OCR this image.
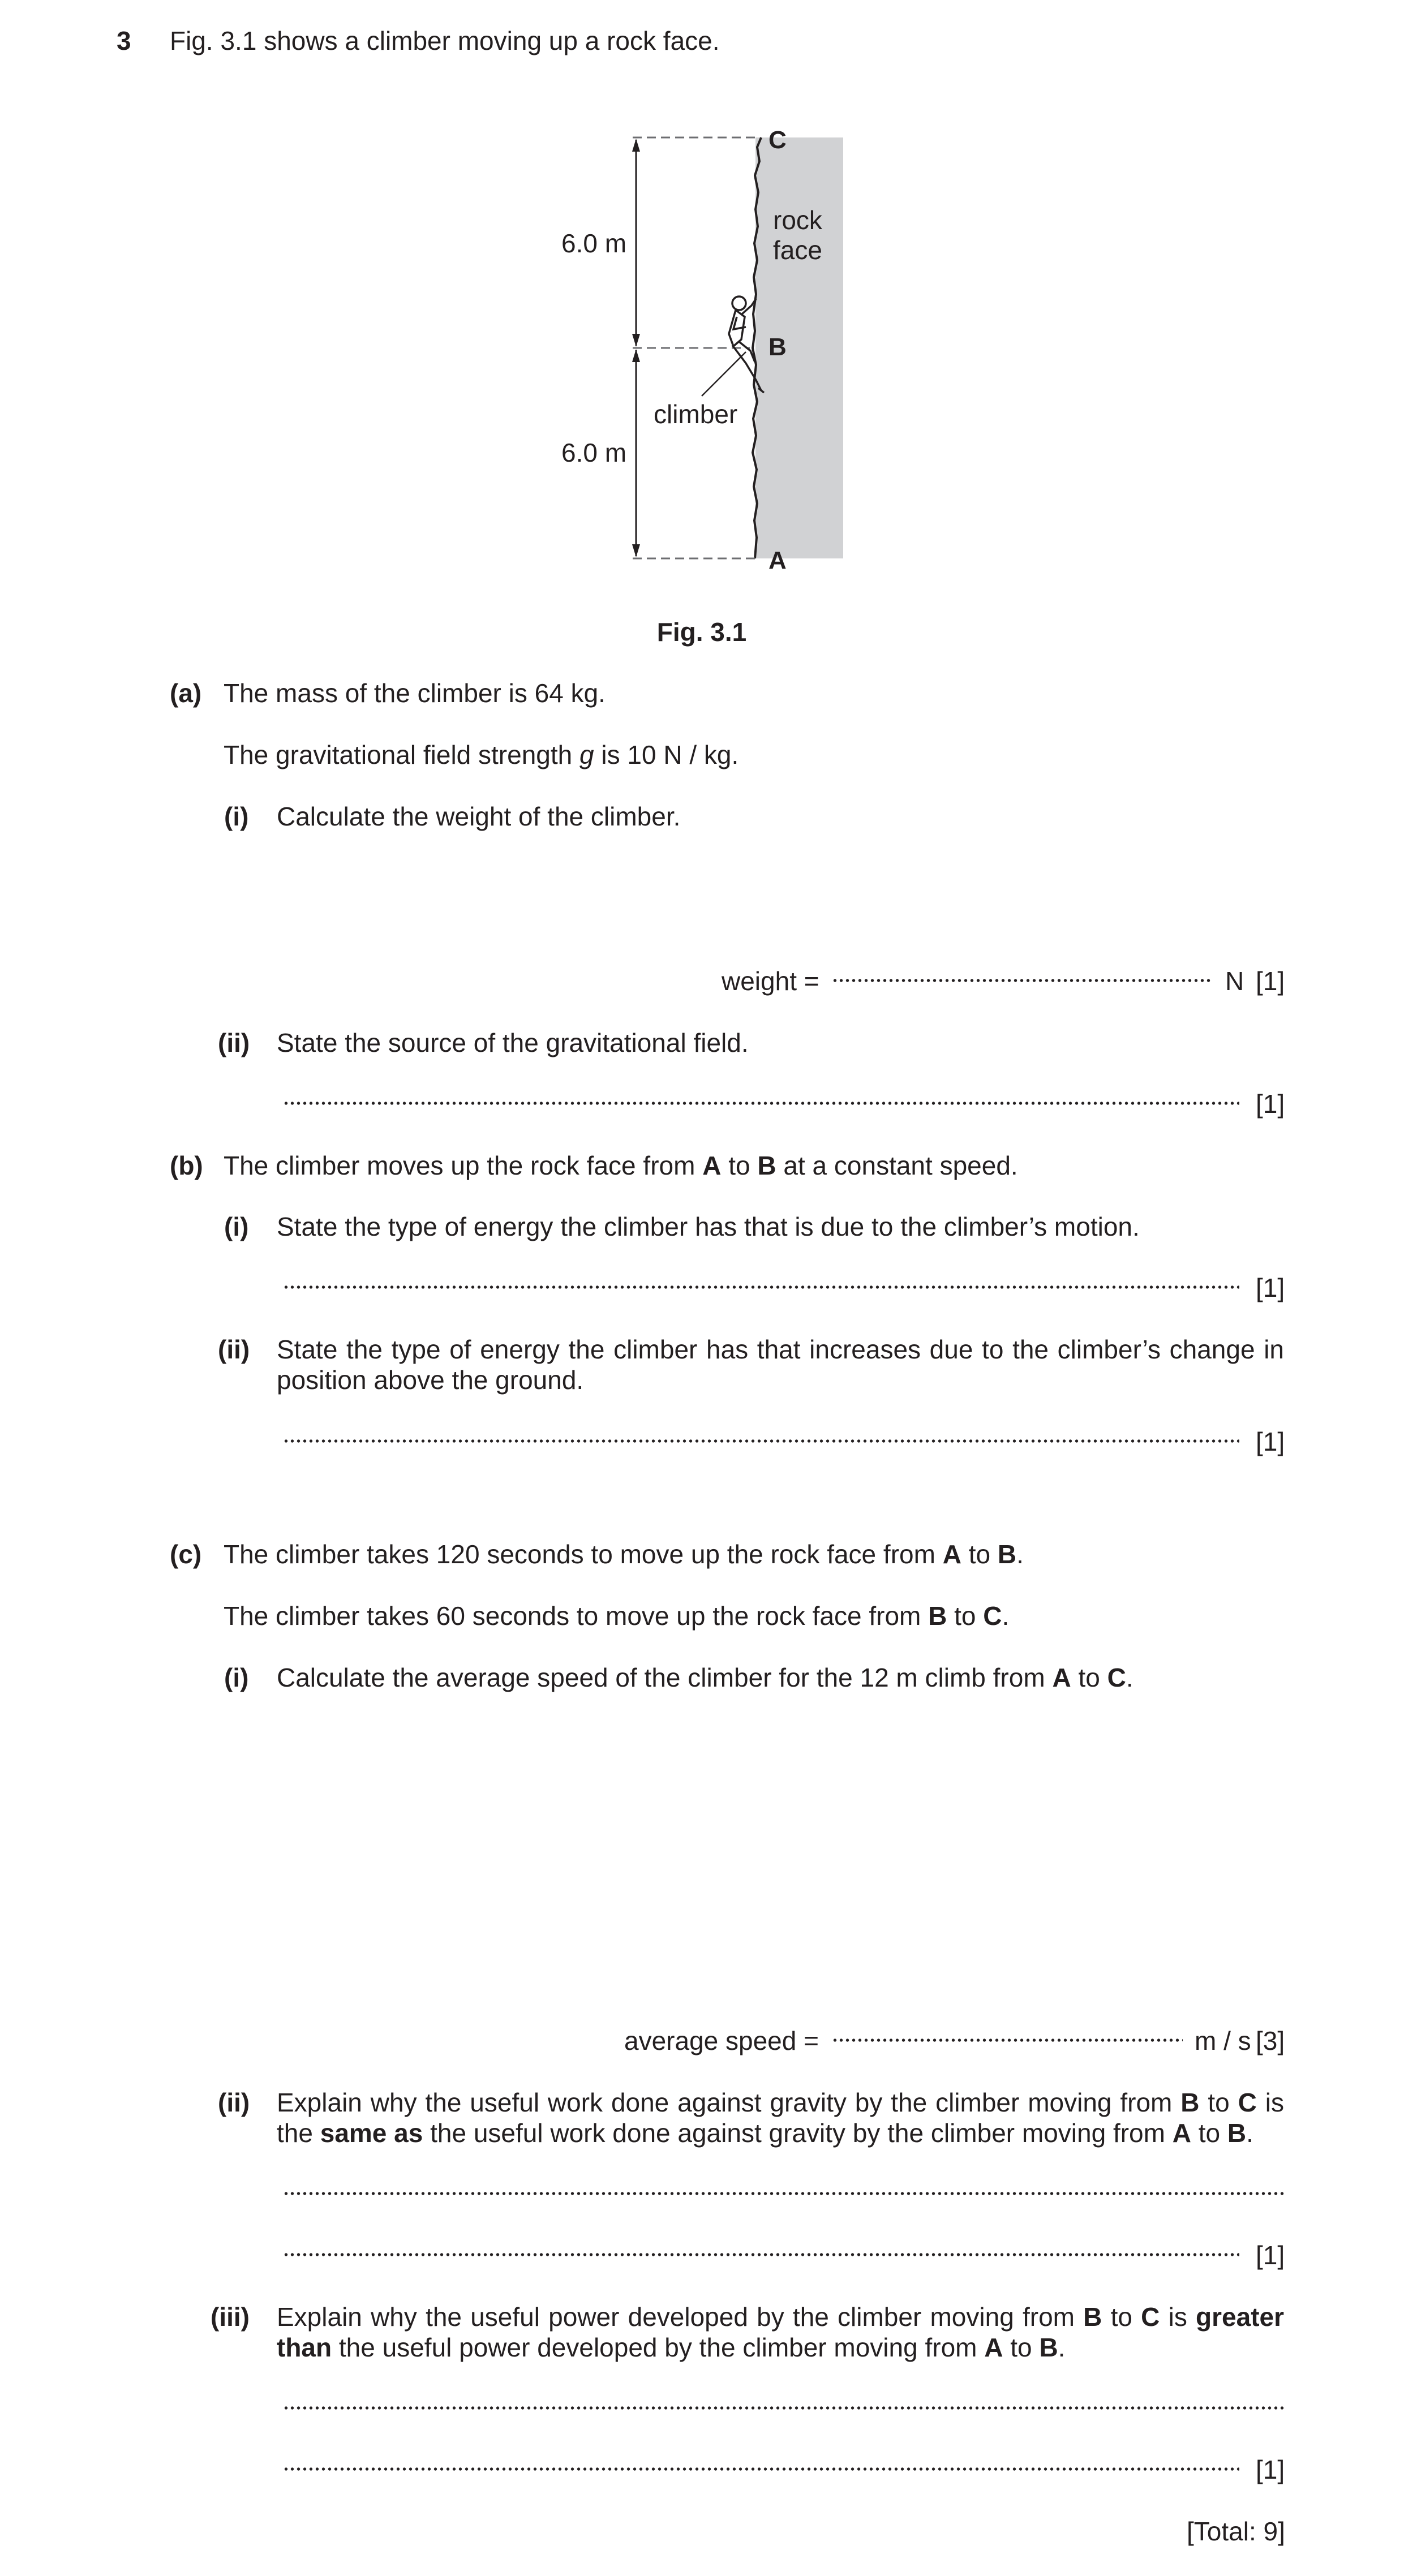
3 Fig. 3.1 shows a climber moving up a rock face.
C
B
A
rock
face
6.0 m
6.0 m
climber
Fig. 3.1
(a) The mass of the climber is 64 kg.
The gravitational field strength g is 10 N / kg.
(i) Calculate the weight of the climber.
weight =	N [1]
(ii) State the source of the gravitational field.
[1]
(b) The climber moves up the rock face from A to B at a constant speed.
(i) State the type of energy the climber has that is due to the climber’s motion.
[1]
(ii) State the type of energy the climber has that increases due to the climber’s change in
position above the ground.
[1]
(c) The climber takes 120 seconds to move up the rock face from A to B.
The climber takes 60 seconds to move up the rock face from B to C.
(i) Calculate the average speed of the climber for the 12 m climb from A to C.
average speed =	m / s [3]
(ii) Explain why the useful work done against gravity by the climber moving from B to C is
the same as the useful work done against gravity by the climber moving from A to B.
[1]
(iii) Explain why the useful power developed by the climber moving from B to C is greater
than the useful power developed by the climber moving from A to B.
[1]
[Total: 9]
